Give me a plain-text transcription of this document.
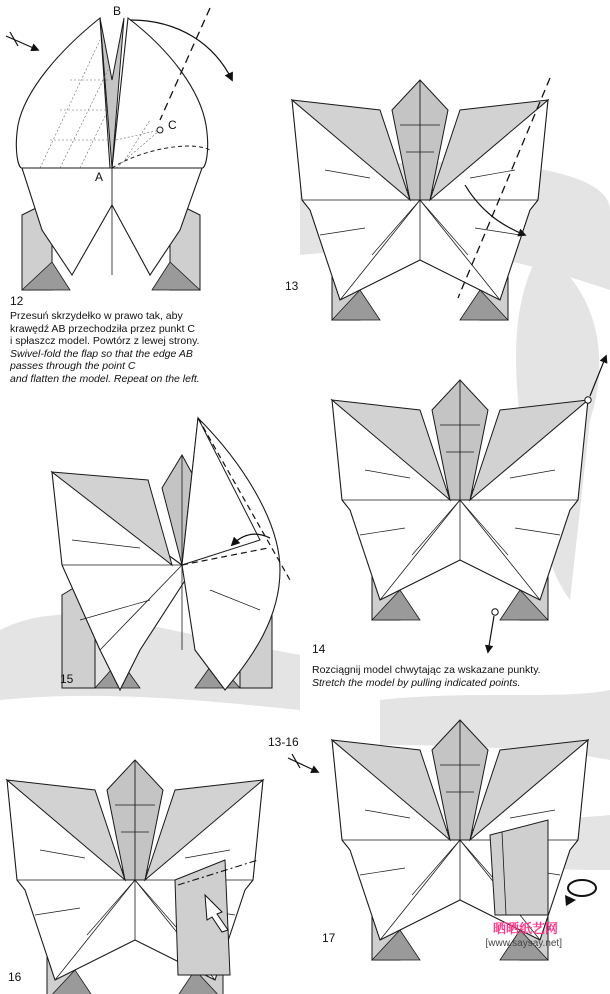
B
A
C
12
13
14
15
13-16
16
17
Przesuń skrzydełko w prawo tak, aby
krawędź AB przechodziła przez punkt C
i spłaszcz model. Powtórz z lewej strony.
Swivel-fold the flap so that the edge AB
passes through the point C
and flatten the model. Repeat on the left.
Rozciągnij model chwytając za wskazane punkty.
Stretch the model by pulling indicated points.
晒晒纸艺网
[www.saysay.net]
